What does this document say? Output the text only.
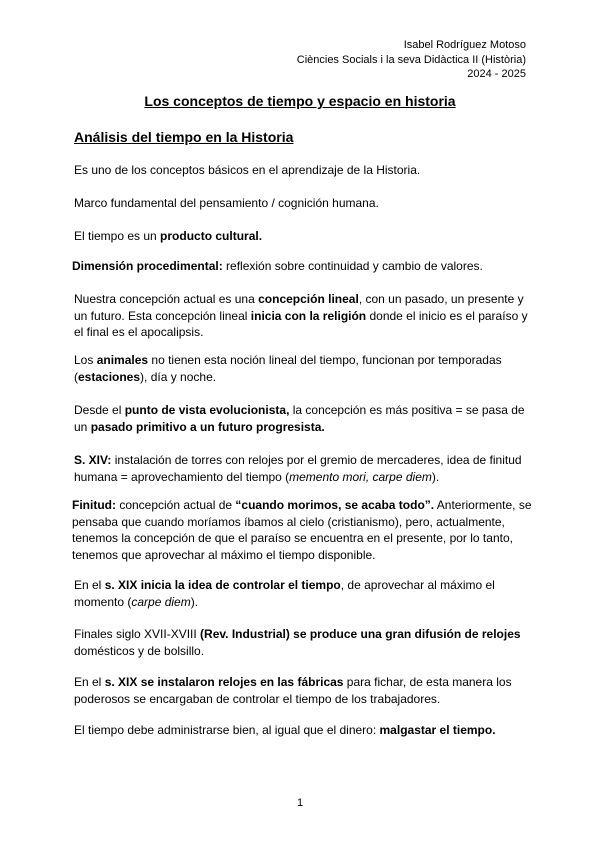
Isabel Rodríguez Motoso
Ciències Socials i la seva Didàctica II (Història)
2024 - 2025
Los conceptos de tiempo y espacio en historia
Análisis del tiempo en la Historia

Es uno de los conceptos básicos en el aprendizaje de la Historia.

Marco fundamental del pensamiento / cognición humana.

El tiempo es un producto cultural.

Dimensión procedimental: reflexión sobre continuidad y cambio de valores.

Nuestra concepción actual es una concepción lineal, con un pasado, un presente y un futuro. Esta concepción lineal inicia con la religión donde el inicio es el paraíso y el final es el apocalipsis.

Los animales no tienen esta noción lineal del tiempo, funcionan por temporadas (estaciones), día y noche.

Desde el punto de vista evolucionista, la concepción es más positiva = se pasa de un pasado primitivo a un futuro progresista.

S. XIV: instalación de torres con relojes por el gremio de mercaderes, idea de finitud humana = aprovechamiento del tiempo (memento mori, carpe diem).

Finitud: concepción actual de “cuando morimos, se acaba todo”. Anteriormente, se pensaba que cuando moríamos íbamos al cielo (cristianismo), pero, actualmente, tenemos la concepción de que el paraíso se encuentra en el presente, por lo tanto, tenemos que aprovechar al máximo el tiempo disponible.

En el s. XIX inicia la idea de controlar el tiempo, de aprovechar al máximo el momento (carpe diem).

Finales siglo XVII-XVIII (Rev. Industrial) se produce una gran difusión de relojes domésticos y de bolsillo.

En el s. XIX se instalaron relojes en las fábricas para fichar, de esta manera los poderosos se encargaban de controlar el tiempo de los trabajadores.

El tiempo debe administrarse bien, al igual que el dinero: malgastar el tiempo.

1
